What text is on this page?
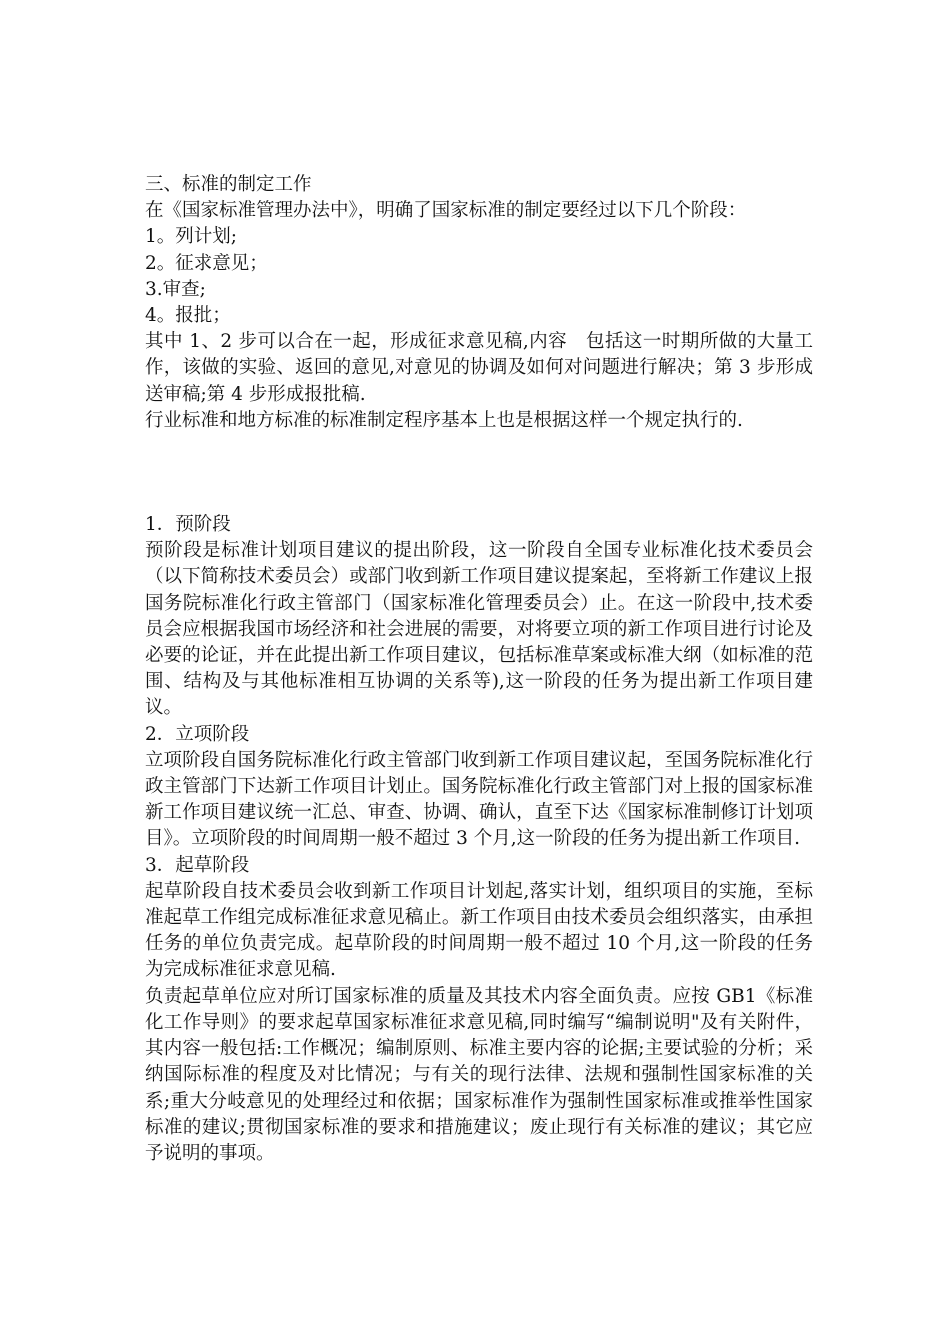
三、标准的制定工作

在《国家标准管理办法中》，明确了国家标准的制定要经过以下几个阶段：

1。列计划;

2。征求意见；

3.审查;

4。报批；

其中 1、2 步可以合在一起，形成征求意见稿,内容　包括这一时期所做的大量工作，该做的实验、返回的意见,对意见的协调及如何对问题进行解决；第 3 步形成送审稿;第 4 步形成报批稿.

行业标准和地方标准的标准制定程序基本上也是根据这样一个规定执行的.

1．预阶段

预阶段是标准计划项目建议的提出阶段，这一阶段自全国专业标准化技术委员会（以下简称技术委员会）或部门收到新工作项目建议提案起，至将新工作建议上报国务院标准化行政主管部门（国家标准化管理委员会）止。在这一阶段中,技术委员会应根据我国市场经济和社会进展的需要，对将要立项的新工作项目进行讨论及必要的论证，并在此提出新工作项目建议，包括标准草案或标准大纲（如标准的范围、结构及与其他标准相互协调的关系等),这一阶段的任务为提出新工作项目建议。

2．立项阶段

立项阶段自国务院标准化行政主管部门收到新工作项目建议起，至国务院标准化行政主管部门下达新工作项目计划止。国务院标准化行政主管部门对上报的国家标准新工作项目建议统一汇总、审查、协调、确认，直至下达《国家标准制修订计划项目》。立项阶段的时间周期一般不超过 3 个月,这一阶段的任务为提出新工作项目.

3．起草阶段

起草阶段自技术委员会收到新工作项目计划起,落实计划，组织项目的实施，至标准起草工作组完成标准征求意见稿止。新工作项目由技术委员会组织落实，由承担任务的单位负责完成。起草阶段的时间周期一般不超过 10 个月,这一阶段的任务为完成标准征求意见稿.

负责起草单位应对所订国家标准的质量及其技术内容全面负责。应按 GB1《标准化工作导则》的要求起草国家标准征求意见稿,同时编写“编制说明"及有关附件，其内容一般包括:工作概况；编制原则、标准主要内容的论据;主要试验的分析；采纳国际标准的程度及对比情况；与有关的现行法律、法规和强制性国家标准的关系;重大分岐意见的处理经过和依据；国家标准作为强制性国家标准或推举性国家标准的建议;贯彻国家标准的要求和措施建议；废止现行有关标准的建议；其它应予说明的事项。
